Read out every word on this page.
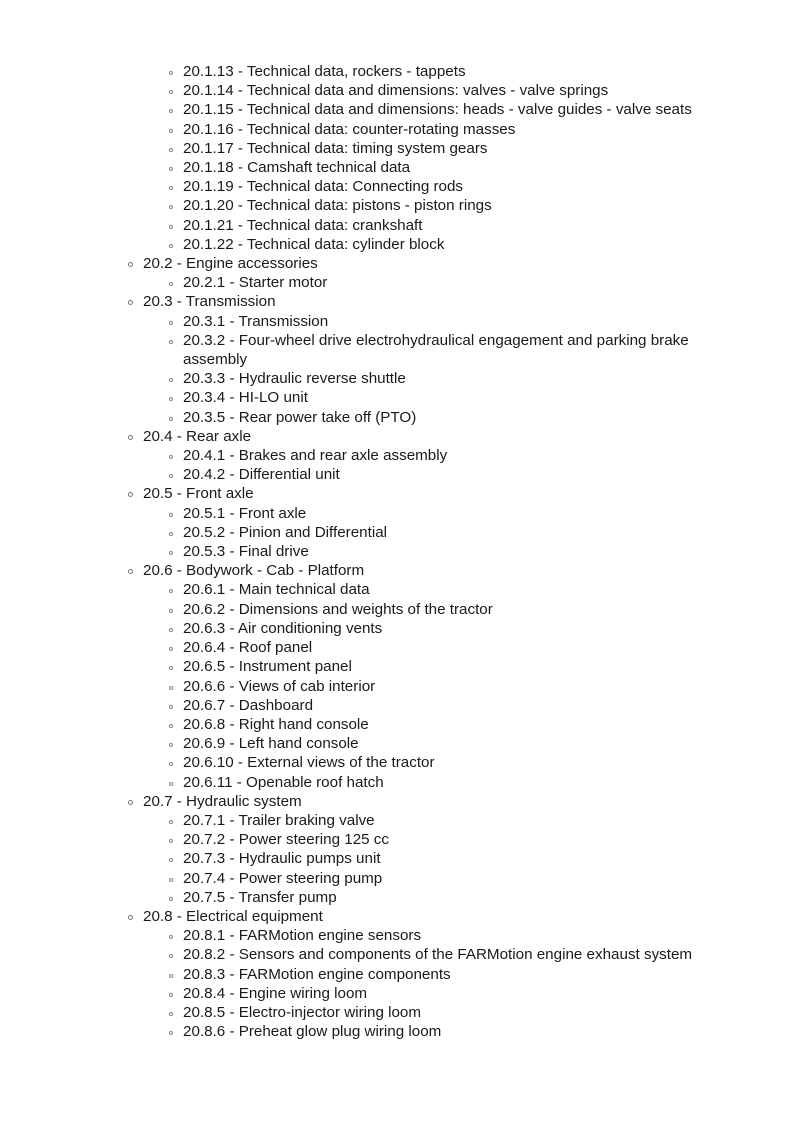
20.1.13 - Technical data, rockers - tappets
20.1.14 - Technical data and dimensions: valves - valve springs
20.1.15 - Technical data and dimensions: heads - valve guides - valve seats
20.1.16 - Technical data: counter-rotating masses
20.1.17 - Technical data: timing system gears
20.1.18 - Camshaft technical data
20.1.19 - Technical data: Connecting rods
20.1.20 - Technical data: pistons - piston rings
20.1.21 - Technical data: crankshaft
20.1.22 - Technical data: cylinder block
20.2 - Engine accessories
20.2.1 - Starter motor
20.3 - Transmission
20.3.1 - Transmission
20.3.2 - Four-wheel drive electrohydraulical engagement and parking brake assembly
20.3.3 - Hydraulic reverse shuttle
20.3.4 - HI-LO unit
20.3.5 - Rear power take off (PTO)
20.4 - Rear axle
20.4.1 - Brakes and rear axle assembly
20.4.2 - Differential unit
20.5 - Front axle
20.5.1 - Front axle
20.5.2 - Pinion and Differential
20.5.3 - Final drive
20.6 - Bodywork - Cab - Platform
20.6.1 - Main technical data
20.6.2 - Dimensions and weights of the tractor
20.6.3 - Air conditioning vents
20.6.4 - Roof panel
20.6.5 - Instrument panel
20.6.6 - Views of cab interior
20.6.7 - Dashboard
20.6.8 - Right hand console
20.6.9 - Left hand console
20.6.10 - External views of the tractor
20.6.11 - Openable roof hatch
20.7 - Hydraulic system
20.7.1 - Trailer braking valve
20.7.2 - Power steering 125 cc
20.7.3 - Hydraulic pumps unit
20.7.4 - Power steering pump
20.7.5 - Transfer pump
20.8 - Electrical equipment
20.8.1 - FARMotion engine sensors
20.8.2 - Sensors and components of the FARMotion engine exhaust system
20.8.3 - FARMotion engine components
20.8.4 - Engine wiring loom
20.8.5 - Electro-injector wiring loom
20.8.6 - Preheat glow plug wiring loom
